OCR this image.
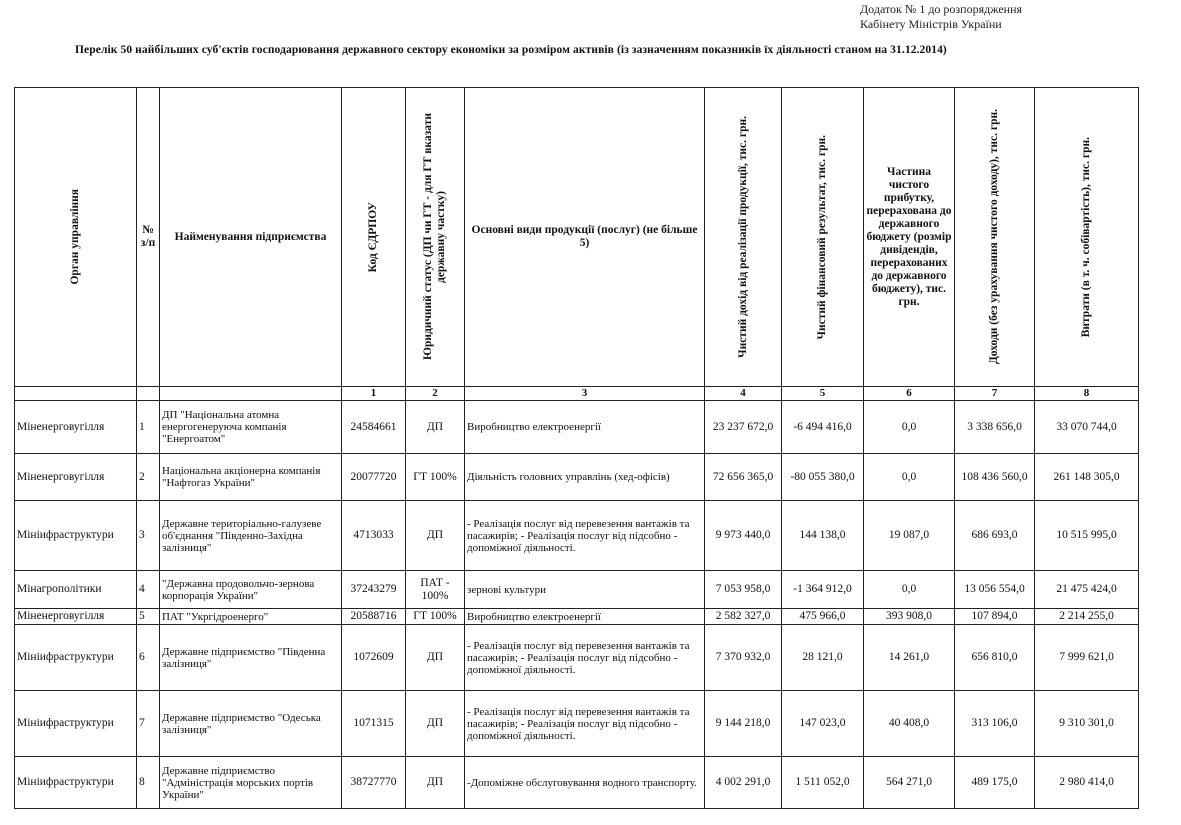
Додаток № 1 до розпорядження
Кабінету Міністрів України
Перелік 50 найбільших суб'єктів господарювання державного сектору економіки за розміром активів (із зазначенням показників їх діяльності станом на 31.12.2014)
Орган управління	№ з/п	Найменування підприємства	Код ЄДРПОУ	Юридичний статус (ДП чи ГТ - для ГТ вказати державну частку)	Основні види продукції (послуг) (не більше 5)	Чистий дохід від реалізації продукції, тис. грн.	Чистий фінансовий результат, тис. грн.	Частина чистого прибутку, перерахована до державного бюджету (розмір дивідендів, перерахованих до державного бюджету), тис. грн.	Доходи (без урахування чистого доходу), тис. грн.	Витрати (в т. ч. собівартість), тис. грн.

			1	2	3	4	5	6	7	8
Міненерговугілля	1	ДП "Національна атомна енергогенеруюча компанія "Енергоатом"	24584661	ДП	Виробництво електроенергії	23 237 672,0	-6 494 416,0	0,0	3 338 656,0	33 070 744,0
Міненерговугілля	2	Національна акціонерна компанія "Нафтогаз України"	20077720	ГТ 100%	Діяльність головних управлінь (хед-офісів)	72 656 365,0	-80 055 380,0	0,0	108 436 560,0	261 148 305,0
Мініифраструктури	3	Державне територіально-галузеве об'єднання "Південно-Західна залізниця"	4713033	ДП	- Реалізація послуг від перевезення вантажів та пасажирів; - Реалізація послуг від підсобно - допоміжної діяльності.	9 973 440,0	144 138,0	19 087,0	686 693,0	10 515 995,0
Мінагрополітики	4	"Державна продовольчо-зернова корпорація України"	37243279	ПАТ - 100%	зернові культури	7 053 958,0	-1 364 912,0	0,0	13 056 554,0	21 475 424,0
Міненерговугілля	5	ПАТ "Укргідроенерго"	20588716	ГТ 100%	Виробництво електроенергії	2 582 327,0	475 966,0	393 908,0	107 894,0	2 214 255,0
Мініифраструктури	6	Державне підприємство "Південна залізниця"	1072609	ДП	- Реалізація послуг від перевезення вантажів та пасажирів; - Реалізація послуг від підсобно - допоміжної діяльності.	7 370 932,0	28 121,0	14 261,0	656 810,0	7 999 621,0
Мініифраструктури	7	Державне підприємство "Одеська залізниця"	1071315	ДП	- Реалізація послуг від перевезення вантажів та пасажирів; - Реалізація послуг від підсобно - допоміжної діяльності.	9 144 218,0	147 023,0	40 408,0	313 106,0	9 310 301,0
Мініифраструктури	8	Державне підприємство "Адміністрація морських портів України"	38727770	ДП	-Допоміжне обслуговування водного транспорту.	4 002 291,0	1 511 052,0	564 271,0	489 175,0	2 980 414,0
